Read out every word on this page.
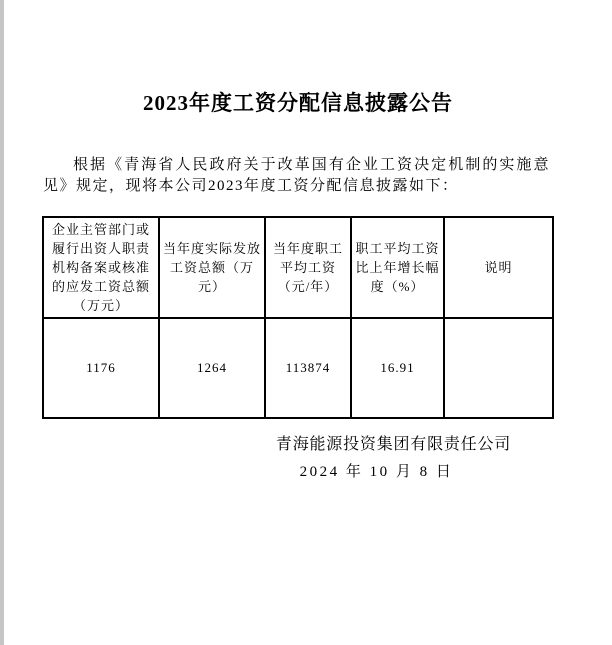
2023年度工资分配信息披露公告
根据《青海省人民政府关于改革国有企业工资决定机制的实施意见》规定，现将本公司2023年度工资分配信息披露如下：
企业主管部门或履行出资人职责机构备案或核准的应发工资总额（万元）	当年度实际发放工资总额（万元）	当年度职工平均工资（元/年）	职工平均工资比上年增长幅度（%）	说明
1176	1264	113874	16.91	
青海能源投资集团有限责任公司
2024 年 10 月 8 日
